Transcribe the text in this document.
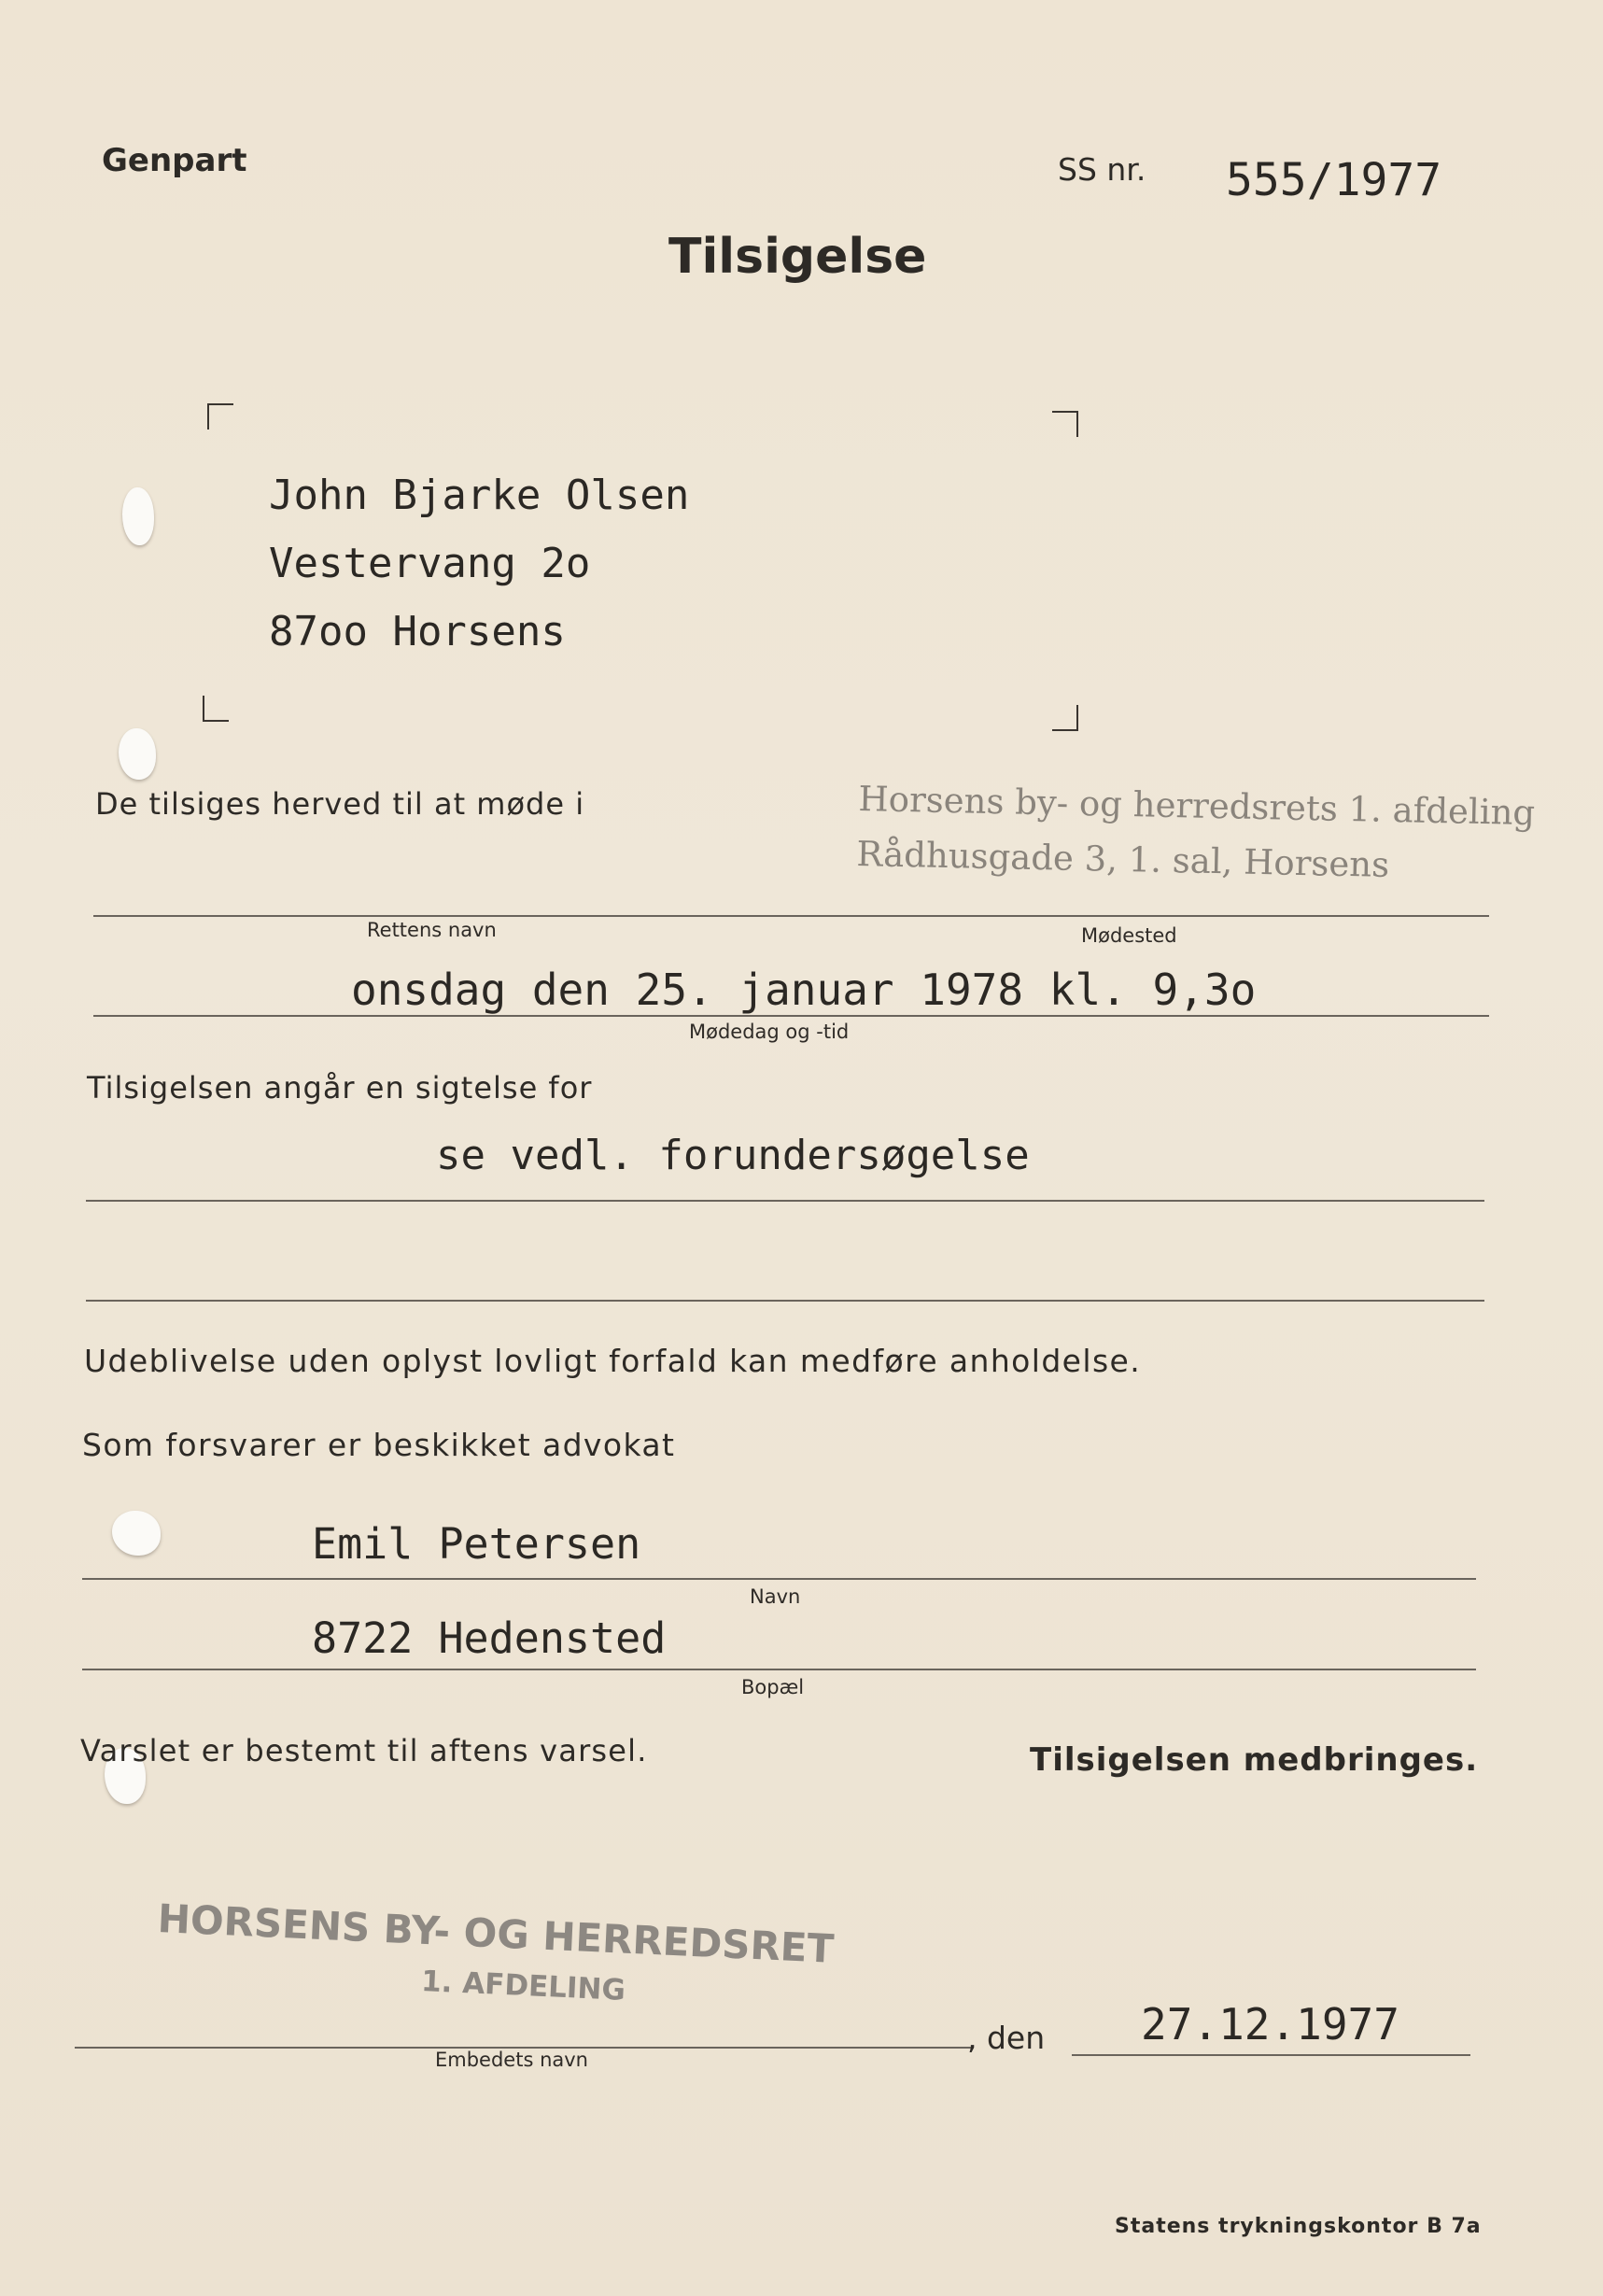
Genpart	SS nr. 555/1977
Tilsigelse
John Bjarke Olsen
Vestervang 2o
87oo Horsens
De tilsiges herved til at møde i	Horsens by- og herredsrets 1. afdeling
Rådhusgade 3, 1. sal, Horsens
Rettens navn	Mødested
onsdag den 25. januar 1978 kl. 9,3o
Mødedag og -tid
Tilsigelsen angår en sigtelse for
se vedl. forundersøgelse
Udeblivelse uden oplyst lovligt forfald kan medføre anholdelse.
Som forsvarer er beskikket advokat
Emil Petersen
Navn
8722 Hedensted
Bopæl
Varslet er bestemt til aftens varsel.	Tilsigelsen medbringes.
HORSENS BY- OG HERREDSRET
1. AFDELING
, den 27.12.1977
Embedets navn
Statens trykningskontor B 7a
